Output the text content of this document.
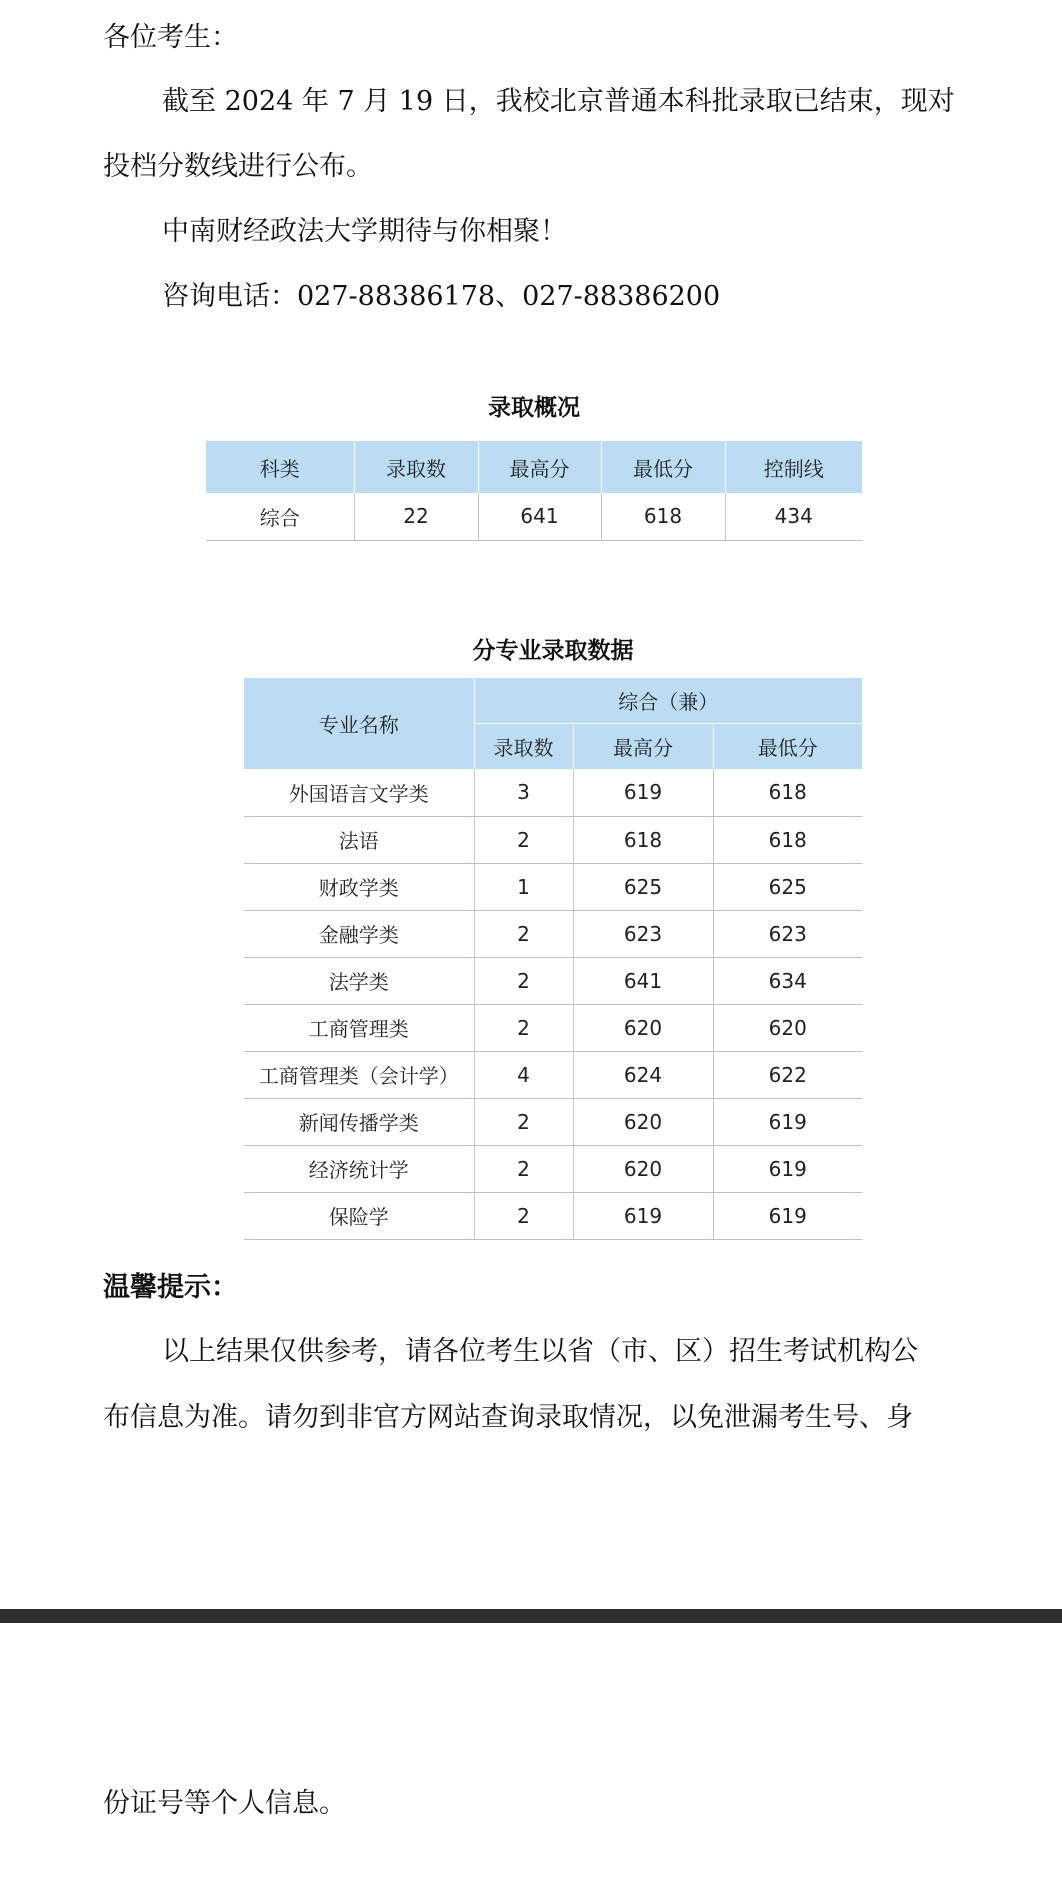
各位考生：

截至 2024 年 7 月 19 日，我校北京普通本科批录取已结束，现对

投档分数线进行公布。

中南财经政法大学期待与你相聚！

咨询电话：027-88386178、027-88386200

录取概况

科类	录取数	最高分	最低分	控制线
综合	22	641	618	434

分专业录取数据

专业名称	综合（兼）		
	录取数	最高分	最低分
外国语言文学类	3	619	618
法语	2	618	618
财政学类	1	625	625
金融学类	2	623	623
法学类	2	641	634
工商管理类	2	620	620
工商管理类（会计学）	4	624	622
新闻传播学类	2	620	619
经济统计学	2	620	619
保险学	2	619	619

温馨提示：

以上结果仅供参考，请各位考生以省（市、区）招生考试机构公

布信息为准。请勿到非官方网站查询录取情况，以免泄漏考生号、身

份证号等个人信息。
